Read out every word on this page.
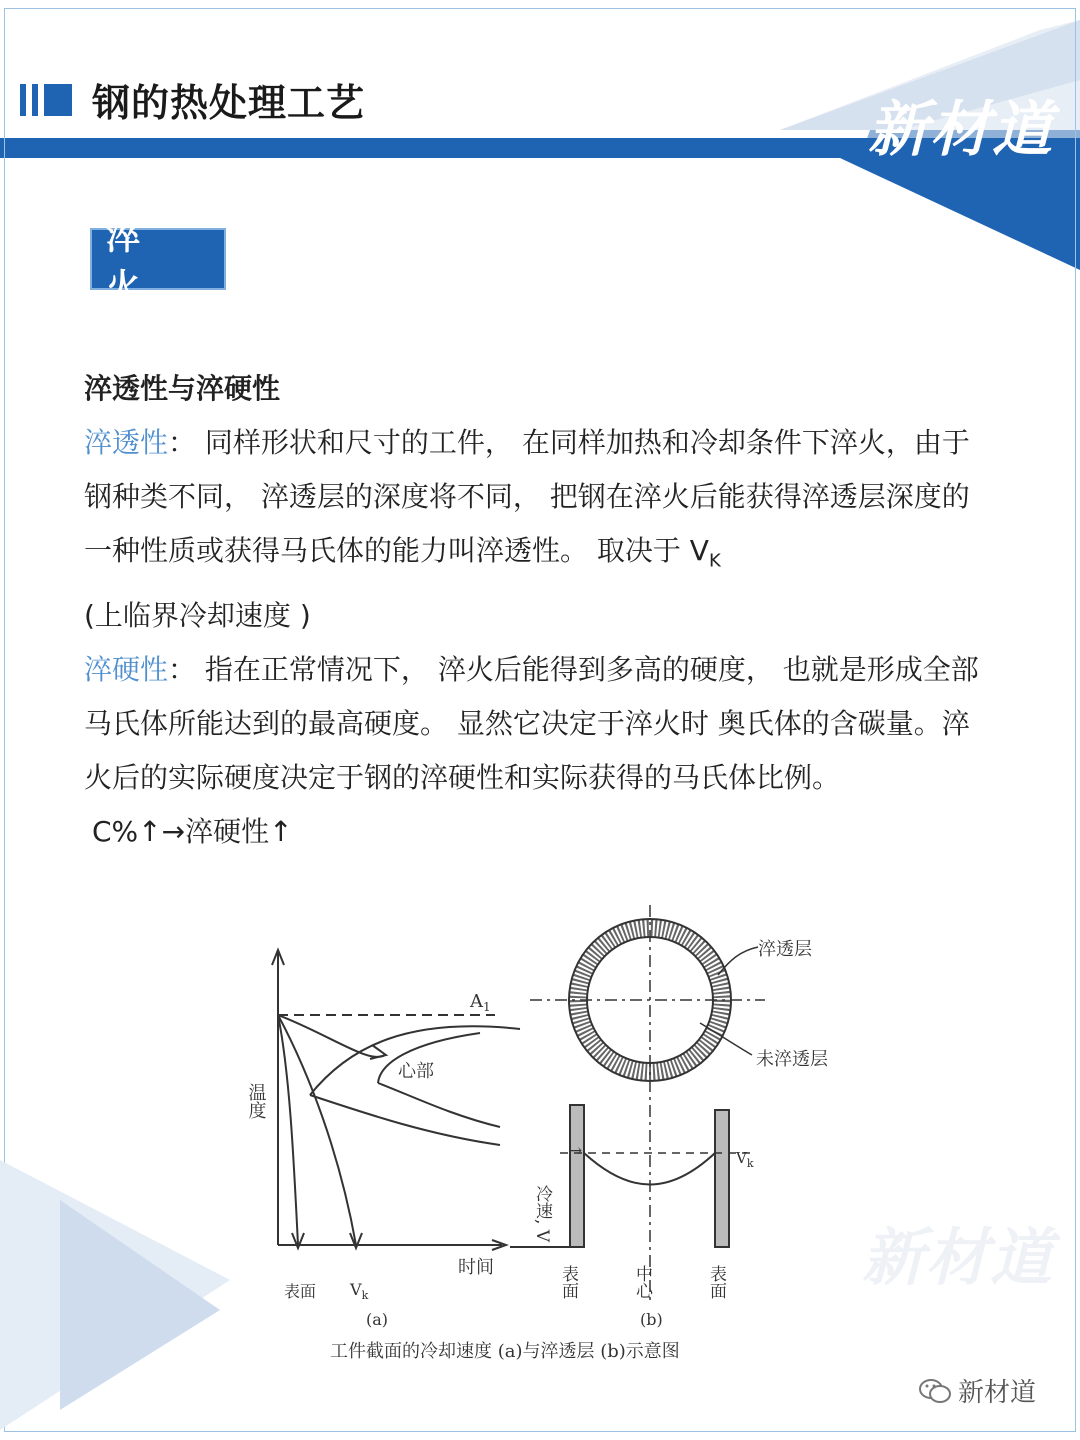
钢的热处理工艺	新材道
淬 火

淬透性与淬硬性

淬透性： 同样形状和尺寸的工件， 在同样加热和冷却条件下淬火，由于钢种类不同， 淬透层的深度将不同， 把钢在淬火后能获得淬透层深度的一种性质或获得马氏体的能力叫淬透性。 取决于 $V_K$
(上临界冷却速度 )

淬硬性： 指在正常情况下， 淬火后能得到多高的硬度， 也就是形成全部马氏体所能达到的最高硬度。 显然它决定于淬火时 奥氏体的含碳量。淬火后的实际硬度决定于钢的淬硬性和实际获得的马氏体比例。

C%↑→淬硬性↑

新材道
温度
时间
$A_1$
心部
表面 $V_k$
(a)
淬透层
未淬透层
→
冷速, V
$V_k$
表面	中心	表面
(b)
工件截面的冷却速度 (a)与淬透层 (b)示意图
新材道
